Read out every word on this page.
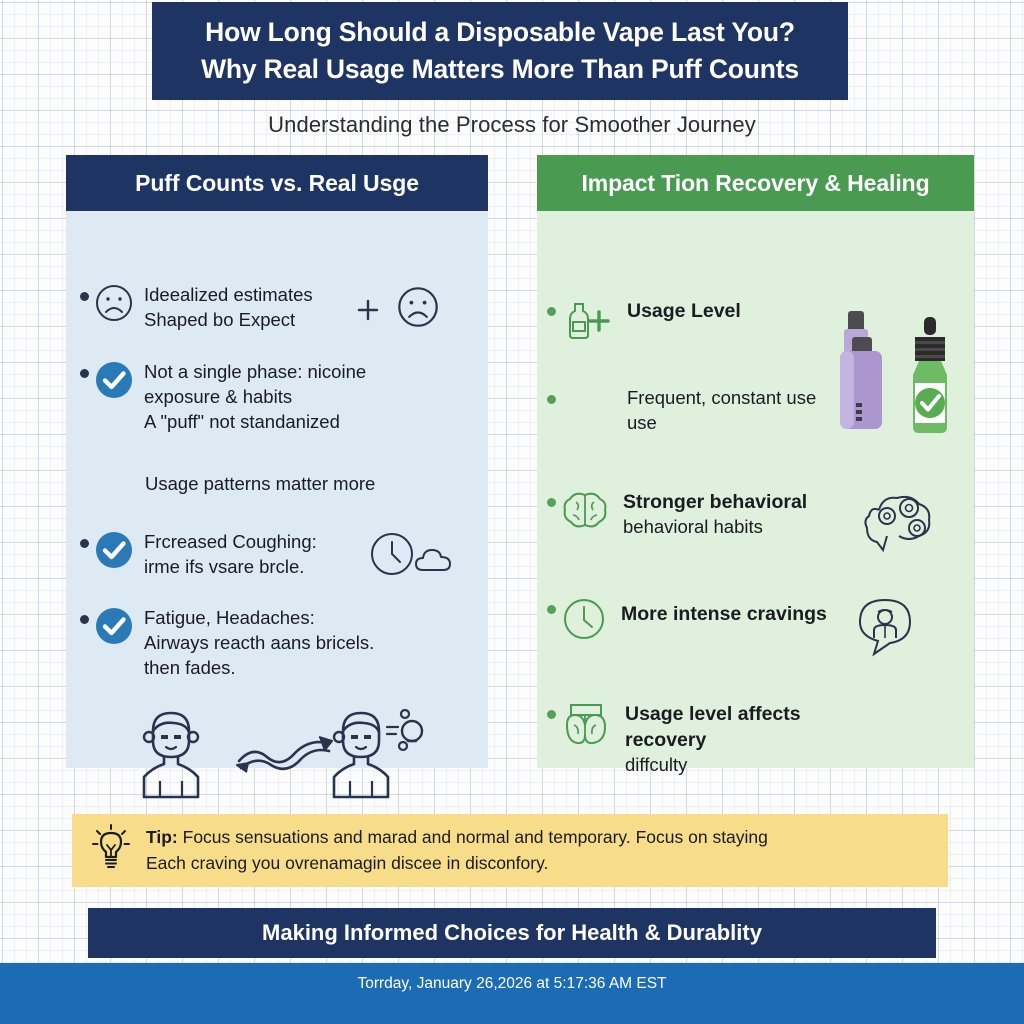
How Long Should a Disposable Vape Last You?
Why Real Usage Matters More Than Puff Counts
Understanding the Process for Smoother Journey
Puff Counts vs. Real Usge
Ideealized estimates
Shaped bo Expect
Not a single phase: nicoine
exposure & habits
A "puff" not standanized
Usage patterns matter more
Frcreased Coughing:
irme ifs vsare brcle.
Fatigue, Headaches:
Airways reacth aans bricels.
then fades.
Impact Tion Recovery & Healing
Usage Level
Frequent, constant use
use
Stronger behavioral
behavioral habits
More intense cravings
Usage level affects recovery
diffculty
Tip: Focus sensuations and marad and normal and temporary. Focus on staying
Each craving you ovrenamagin discee in disconfory.
Making Informed Choices for Health & Durablity
Torrday, January 26,2026 at 5:17:36 AM EST
